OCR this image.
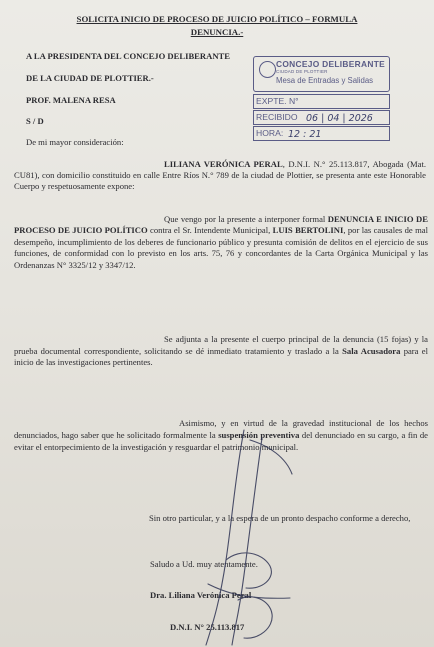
SOLICITA INICIO DE PROCESO DE JUICIO POLÍTICO – FORMULA
DENUNCIA.-
A LA PRESIDENTA DEL CONCEJO DELIBERANTE
DE LA CIUDAD DE PLOTTIER.-
PROF. MALENA RESA
S / D
De mi mayor consideración:
CONCEJO DELIBERANTE
CIUDAD DE PLOTTIER
Mesa de Entradas y Salidas
EXPTE. N°
RECIBIDO 06 | 04 | 2026
HORA: 12 : 21
LILIANA VERÓNICA PERAL, D.N.I. N.° 25.113.817, Abogada (Mat. CU81), con domicilio constituido en calle Entre Ríos N.° 789 de la ciudad de Plottier, se presenta ante este Honorable Cuerpo y respetuosamente expone:
Que vengo por la presente a interponer formal DENUNCIA E INICIO DE PROCESO DE JUICIO POLÍTICO contra el Sr. Intendente Municipal, LUIS BERTOLINI, por las causales de mal desempeño, incumplimiento de los deberes de funcionario público y presunta comisión de delitos en el ejercicio de sus funciones, de conformidad con lo previsto en los arts. 75, 76 y concordantes de la Carta Orgánica Municipal y las Ordenanzas N° 3325/12 y 3347/12.
Se adjunta a la presente el cuerpo principal de la denuncia (15 fojas) y la prueba documental correspondiente, solicitando se dé inmediato tratamiento y traslado a la Sala Acusadora para el inicio de las investigaciones pertinentes.
Asimismo, y en virtud de la gravedad institucional de los hechos denunciados, hago saber que he solicitado formalmente la suspensión preventiva del denunciado en su cargo, a fin de evitar el entorpecimiento de la investigación y resguardar el patrimonio municipal.
Sin otro particular, y a la espera de un pronto despacho conforme a derecho,
Saludo a Ud. muy atentamente.
Dra. Liliana Verónica Peral
D.N.I. N° 25.113.817
